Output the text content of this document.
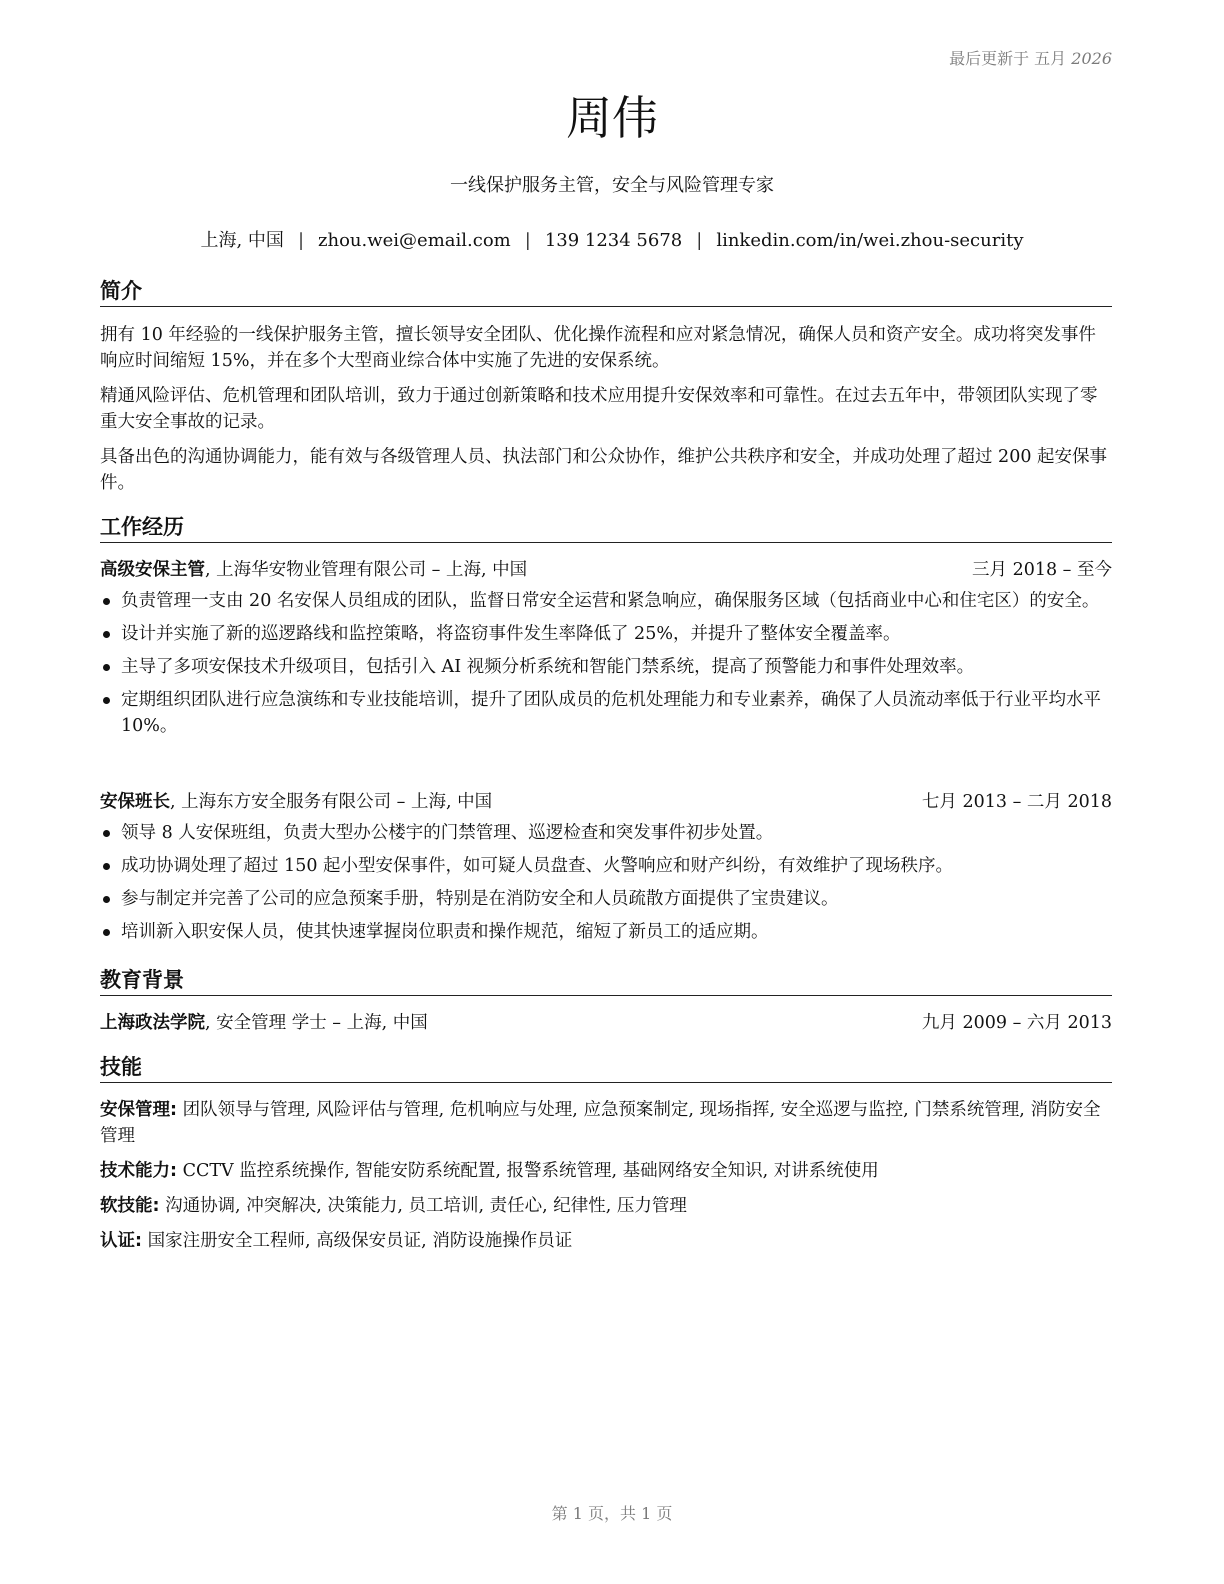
最后更新于 五月 2026
周伟
一线保护服务主管，安全与风险管理专家
上海, 中国 | zhou.wei@email.com | 139 1234 5678 | linkedin.com/in/wei.zhou-security
简介
拥有 10 年经验的一线保护服务主管，擅长领导安全团队、优化操作流程和应对紧急情况，确保人员和资产安全。成功将突发事件响应时间缩短 15%，并在多个大型商业综合体中实施了先进的安保系统。
精通风险评估、危机管理和团队培训，致力于通过创新策略和技术应用提升安保效率和可靠性。在过去五年中，带领团队实现了零重大安全事故的记录。
具备出色的沟通协调能力，能有效与各级管理人员、执法部门和公众协作，维护公共秩序和安全，并成功处理了超过 200 起安保事件。
工作经历
高级安保主管, 上海华安物业管理有限公司 – 上海, 中国	三月 2018 – 至今
负责管理一支由 20 名安保人员组成的团队，监督日常安全运营和紧急响应，确保服务区域（包括商业中心和住宅区）的安全。
设计并实施了新的巡逻路线和监控策略，将盗窃事件发生率降低了 25%，并提升了整体安全覆盖率。
主导了多项安保技术升级项目，包括引入 AI 视频分析系统和智能门禁系统，提高了预警能力和事件处理效率。
定期组织团队进行应急演练和专业技能培训，提升了团队成员的危机处理能力和专业素养，确保了人员流动率低于行业平均水平 10%。
安保班长, 上海东方安全服务有限公司 – 上海, 中国	七月 2013 – 二月 2018
领导 8 人安保班组，负责大型办公楼宇的门禁管理、巡逻检查和突发事件初步处置。
成功协调处理了超过 150 起小型安保事件，如可疑人员盘查、火警响应和财产纠纷，有效维护了现场秩序。
参与制定并完善了公司的应急预案手册，特别是在消防安全和人员疏散方面提供了宝贵建议。
培训新入职安保人员，使其快速掌握岗位职责和操作规范，缩短了新员工的适应期。
教育背景
上海政法学院, 安全管理 学士 – 上海, 中国	九月 2009 – 六月 2013
技能
安保管理: 团队领导与管理, 风险评估与管理, 危机响应与处理, 应急预案制定, 现场指挥, 安全巡逻与监控, 门禁系统管理, 消防安全管理
技术能力: CCTV 监控系统操作, 智能安防系统配置, 报警系统管理, 基础网络安全知识, 对讲系统使用
软技能: 沟通协调, 冲突解决, 决策能力, 员工培训, 责任心, 纪律性, 压力管理
认证: 国家注册安全工程师, 高级保安员证, 消防设施操作员证
第 1 页，共 1 页
